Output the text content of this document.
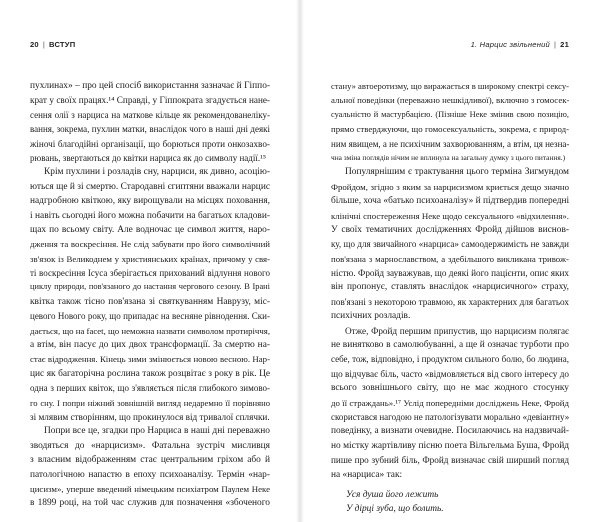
20 | ВСТУП
пухлинах» – про цей спосіб використання зазначає й Гіппо-
крат у своїх працях.¹⁴ Справді, у Гіппократа згадується нане-
сення олії з нарциса на маткове кільце як рекомендованеліку-
вання, зокрема, пухлин матки, внаслідок чого в наші дні деякі
жіночі благодійні організації, що борються проти онкозахво-
рювань, звертаються до квітки нарциса як до символу надії.¹⁵
Крім пухлини і розладів сну, нарциси, як дивно, асоцію-
ються ще й зі смертю. Стародавні єгиптяни вважали нарцис
надгробною квіткою, яку вирощували на місцях поховання,
і навіть сьогодні його можна побачити на багатьох кладови-
щах по всьому світу. Але водночас це символ життя, наро-
дження та воскресіння. Не слід забувати про його символічний
зв'язок із Великоднем у християнських країнах, причому у свя-
ті воскресіння Ісуса зберігається прихований відлуння нового
циклу природи, пов'язаного до настання чергового сезону. В Ірані
квітка також тісно пов'язана зі святкуванням Наврузу, міс-
цевого Нового року, що припадає на весняне рівнодення. Ски-
дається, що на facet, що неможна назвати символом протиріччя,
а втім, він пасує до цих двох трансформації. За смертю на-
стає відродження. Кінець зими змінюється новою весною. Нар-
цис як багаторічна рослина також розцвітає з року в рік. Це
одна з перших квіток, що з'являється після глибокого зимово-
го сну. І попри ніжний зовнішній вигляд недаремно її порівняно
зі млявим створінням, що прокинулося від тривалої сплячки.
Попри все це, згадки про Нарциса в наші дні переважно
зводяться до «нарцисизм». Фатальна зустріч мисливця
з власним відображенням стає центральним гріхом або й
патологічною напастю в епоху психоаналізу. Термін «нар-
цисизм», уперше введений німецьким психіатром Паулем Неке
в 1899 році, на той час служив для позначення «збоченого
1. Нарцис звільнений | 21
стану» автоеротизму, що виражається в широкому спектрі сексу-
альної поведінки (переважно нешкідливої), включно з гомосек-
суальністю й мастурбацією. (Пізніше Неке змінив свою позицію,
прямо стверджуючи, що гомосексуальність, зокрема, є природ-
ним явищем, а не психічним захворюванням, а втім, ця незна-
чна зміна поглядів нічим не вплинула на загальну думку з цього питання.)
Популярнішим є трактування цього терміна Зигмундом
Фройдом, згідно з яким за нарцисизмом криється дещо значно
більше, хоча «батько психоаналізу» й підтвердив попередні
клінічні спостереження Неке щодо сексуального «відхилення».
У своїх тематичних дослідженнях Фройд дійшов виснов-
ку, що для звичайного «нарциса» самоодержимість не завжди
пов'язана з марнославством, а здебільшого викликана тривож-
ністю. Фройд зауважував, що деякі його пацієнти, опис яких
він пропонує, ставлять внаслідок «нарцисичного» страху,
пов'язані з некоторою травмою, як характерних для багатьох
психічних розладів.
Отже, Фройд першим припустив, що нарцисизм полягає
не винятково в самолюбуванні, а ще й означає турботи про
себе, тож, відповідно, і продуктом сильного болю, бо людина,
що відчуває біль, часто «відмовляється від свого інтересу до
всього зовнішнього світу, що не має жодного стосунку
до її страждань».¹⁷ Услід попередніми досліджень Неке, Фройд
скористався нагодою не патологізувати морально «девіантну»
поведінку, а визнати очевидне. Посилаючись на надзвичай-
но містку жартівливу пісню поета Вільгельма Буша, Фройд
пише про зубний біль, Фройд визначає свій ширший погляд
на «нарциса» так:
Уся душа його лежить
У дірці зуба, що болить.
